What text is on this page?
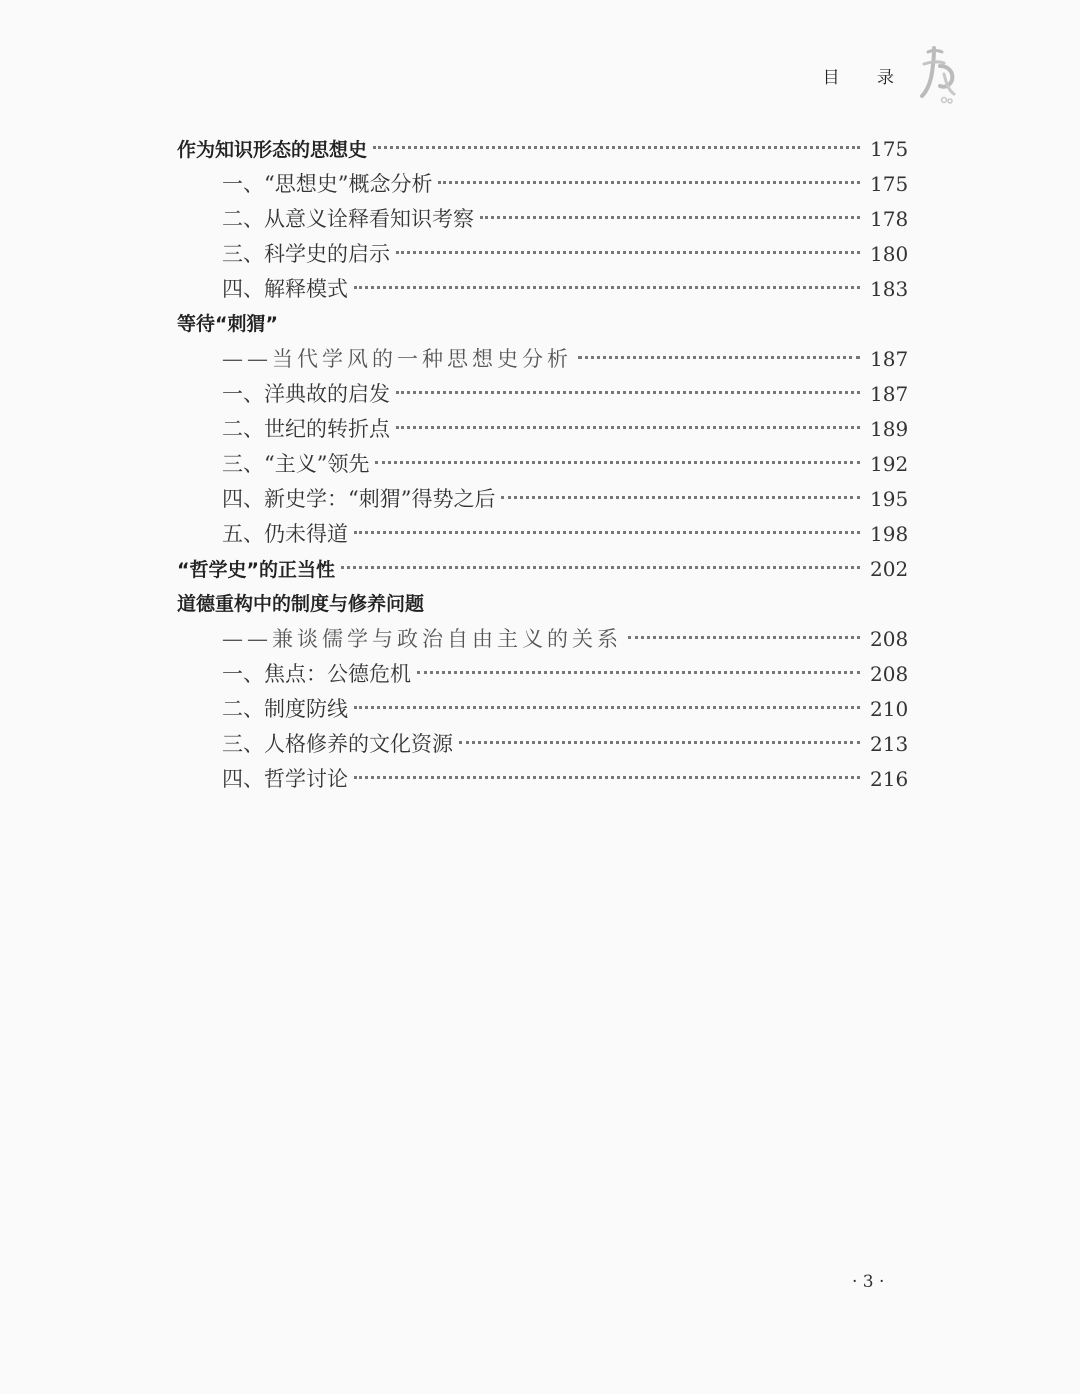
目 录
作为知识形态的思想史	175
一、“思想史”概念分析	175
二、从意义诠释看知识考察	178
三、科学史的启示	180
四、解释模式	183
等待“刺猬”
——当代学风的一种思想史分析	187
一、洋典故的启发	187
二、世纪的转折点	189
三、“主义”领先	192
四、新史学：“刺猬”得势之后	195
五、仍未得道	198
“哲学史”的正当性	202
道德重构中的制度与修养问题
——兼谈儒学与政治自由主义的关系	208
一、焦点：公德危机	208
二、制度防线	210
三、人格修养的文化资源	213
四、哲学讨论	216
· 3 ·
